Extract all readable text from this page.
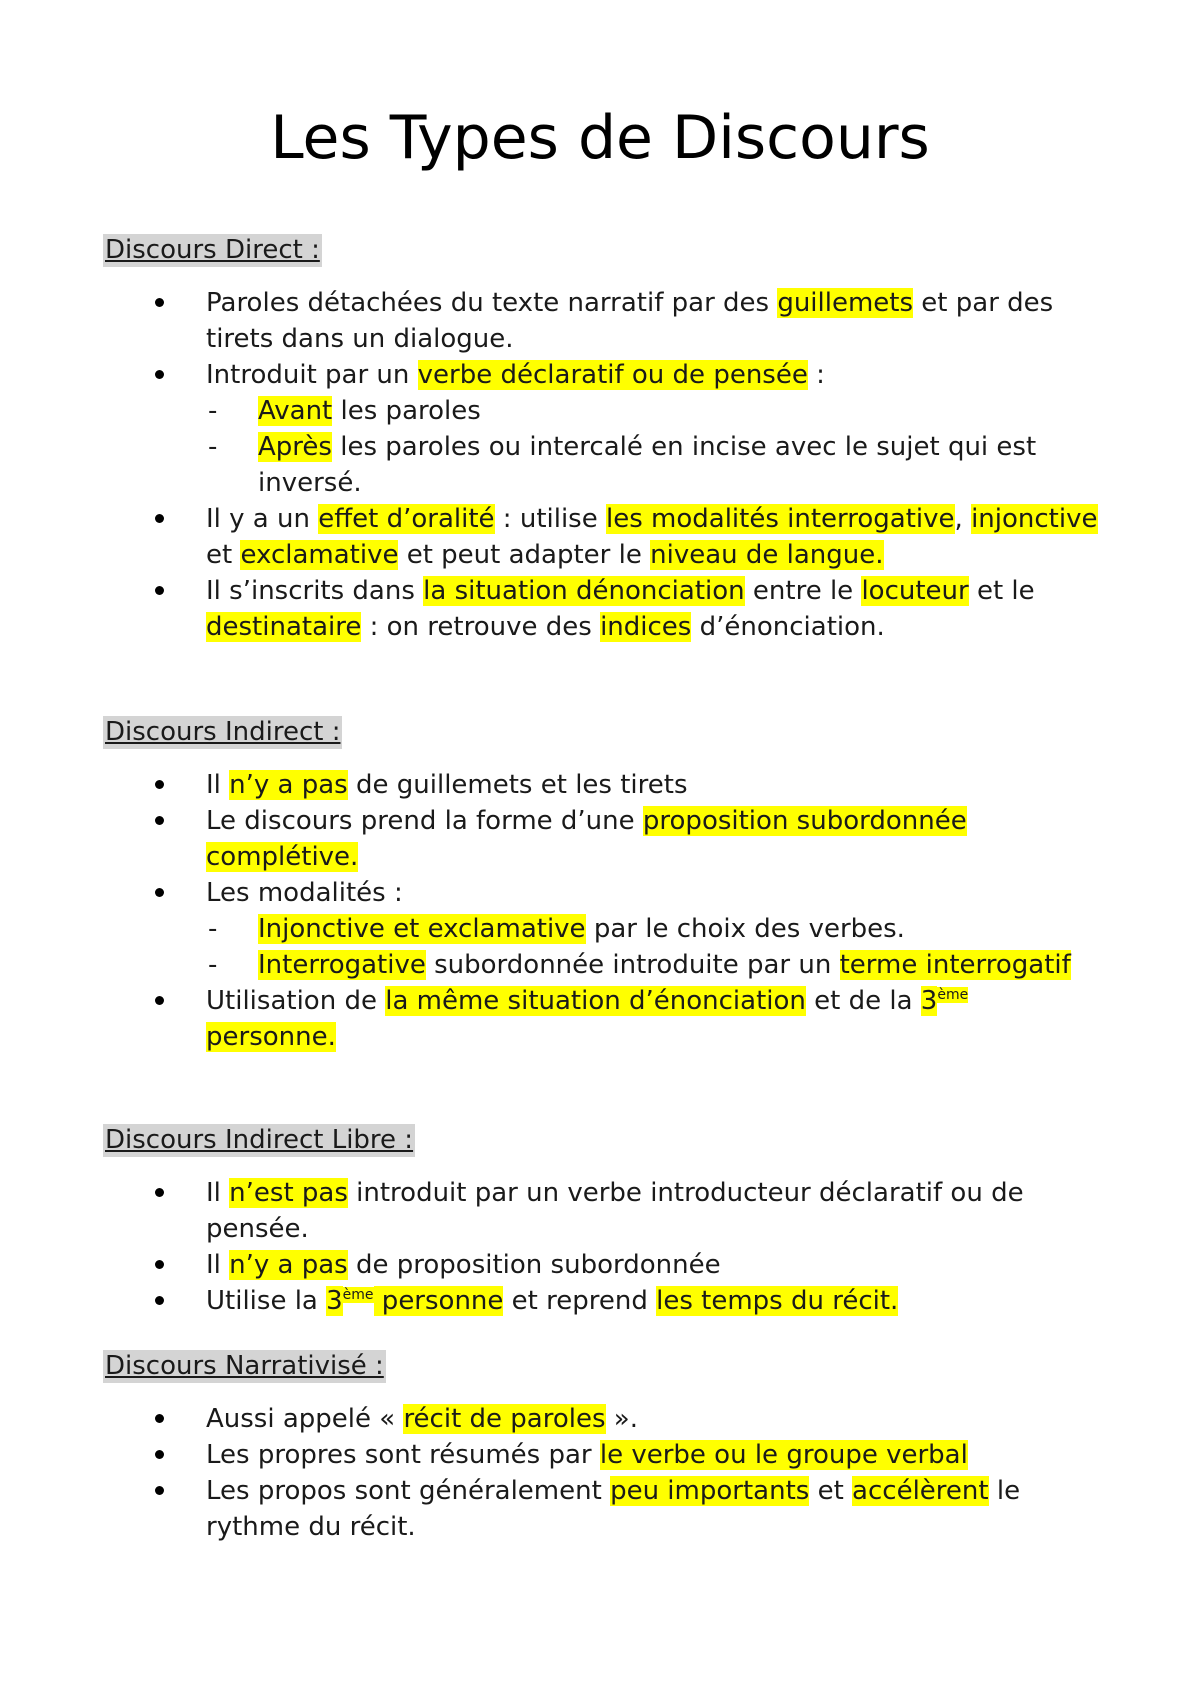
Les Types de Discours
Discours Direct :
Paroles détachées du texte narratif par des guillemets et par des tirets dans un dialogue.
Introduit par un verbe déclaratif ou de pensée :
- Avant les paroles
- Après les paroles ou intercalé en incise avec le sujet qui est inversé.
Il y a un effet d’oralité : utilise les modalités interrogative, injonctive et exclamative et peut adapter le niveau de langue.
Il s’inscrits dans la situation dénonciation entre le locuteur et le destinataire : on retrouve des indices d’énonciation.
Discours Indirect :
Il n’y a pas de guillemets et les tirets
Le discours prend la forme d’une proposition subordonnée complétive.
Les modalités :
- Injonctive et exclamative par le choix des verbes.
- Interrogative subordonnée introduite par un terme interrogatif
Utilisation de la même situation d’énonciation et de la 3ème personne.
Discours Indirect Libre :
Il n’est pas introduit par un verbe introducteur déclaratif ou de pensée.
Il n’y a pas de proposition subordonnée
Utilise la 3ème personne et reprend les temps du récit.
Discours Narrativisé :
Aussi appelé « récit de paroles ».
Les propres sont résumés par le verbe ou le groupe verbal
Les propos sont généralement peu importants et accélèrent le rythme du récit.
